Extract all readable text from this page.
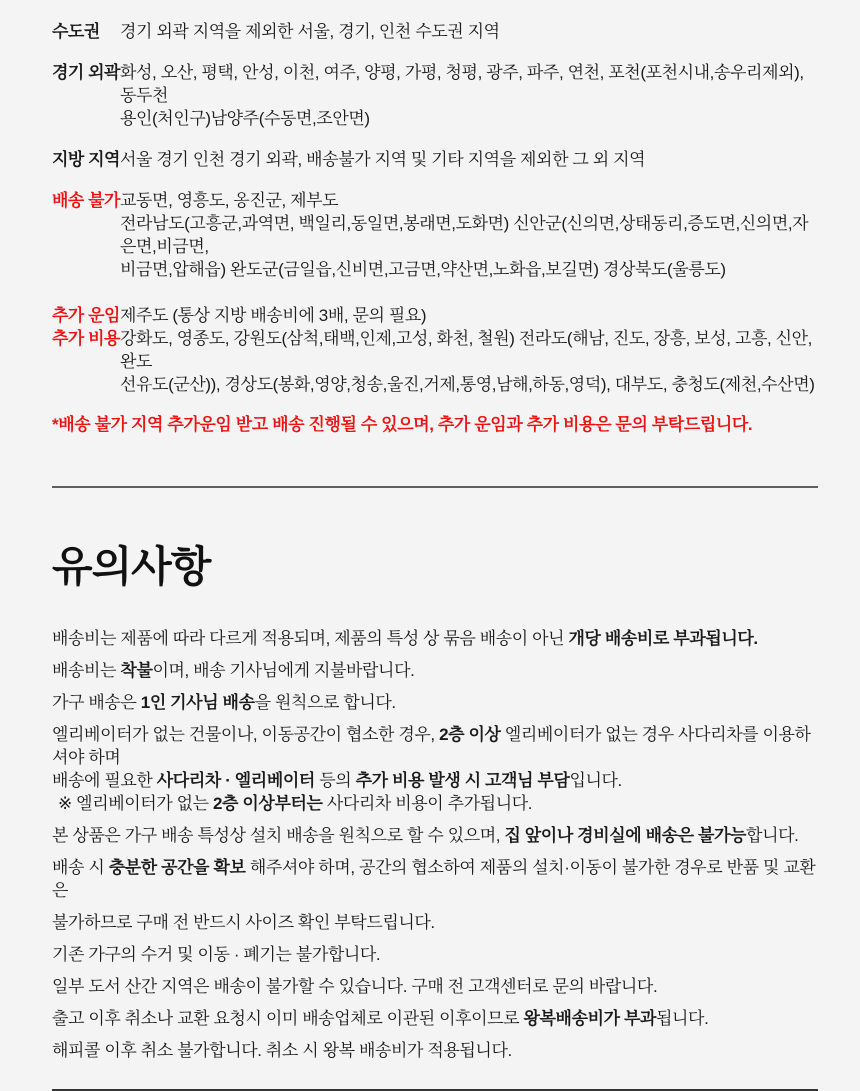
수도권	경기 외곽 지역을 제외한 서울, 경기, 인천 수도권 지역
경기 외곽 화성, 오산, 평택, 안성, 이천, 여주, 양평, 가평, 청평, 광주, 파주, 연천, 포천(포천시내,송우리제외), 동두천
용인(처인구)남양주(수동면,조안면)
지방 지역 서울 경기 인천 경기 외곽, 배송불가 지역 및 기타 지역을 제외한 그 외 지역
배송 불가 교동면, 영흥도, 옹진군, 제부도
전라남도(고흥군,과역면, 백일리,동일면,봉래면,도화면) 신안군(신의면,상태동리,증도면,신의면,자은면,비금면,
비금면,압해읍) 완도군(금일읍,신비면,고금면,약산면,노화읍,보길면) 경상북도(울릉도)
추가 운임 제주도 (통상 지방 배송비에 3배, 문의 필요)
추가 비용 강화도, 영종도, 강원도(삼척,태백,인제,고성, 화천, 철원) 전라도(해남, 진도, 장흥, 보성, 고흥, 신안, 완도
선유도(군산)), 경상도(봉화,영양,청송,울진,거제,통영,남해,하동,영덕), 대부도, 충청도(제천,수산면)

*배송 불가 지역 추가운임 받고 배송 진행될 수 있으며, 추가 운임과 추가 비용은 문의 부탁드립니다.

유의사항
배송비는 제품에 따라 다르게 적용되며, 제품의 특성 상 묶음 배송이 아닌 개당 배송비로 부과됩니다.
배송비는 착불이며, 배송 기사님에게 지불바랍니다.
가구 배송은 1인 기사님 배송을 원칙으로 합니다.
엘리베이터가 없는 건물이나, 이동공간이 협소한 경우, 2층 이상 엘리베이터가 없는 경우 사다리차를 이용하셔야 하며
배송에 필요한 사다리차 · 엘리베이터 등의 추가 비용 발생 시 고객님 부담입니다.
※ 엘리베이터가 없는 2층 이상부터는 사다리차 비용이 추가됩니다.
본 상품은 가구 배송 특성상 설치 배송을 원칙으로 할 수 있으며, 집 앞이나 경비실에 배송은 불가능합니다.
배송 시 충분한 공간을 확보 해주셔야 하며, 공간의 협소하여 제품의 설치·이동이 불가한 경우로 반품 및 교환은
불가하므로 구매 전 반드시 사이즈 확인 부탁드립니다.
기존 가구의 수거 및 이동 · 폐기는 불가합니다.
일부 도서 산간 지역은 배송이 불가할 수 있습니다. 구매 전 고객센터로 문의 바랍니다.
출고 이후 취소나 교환 요청시 이미 배송업체로 이관된 이후이므로 왕복배송비가 부과됩니다.
해피콜 이후 취소 불가합니다. 취소 시 왕복 배송비가 적용됩니다.
